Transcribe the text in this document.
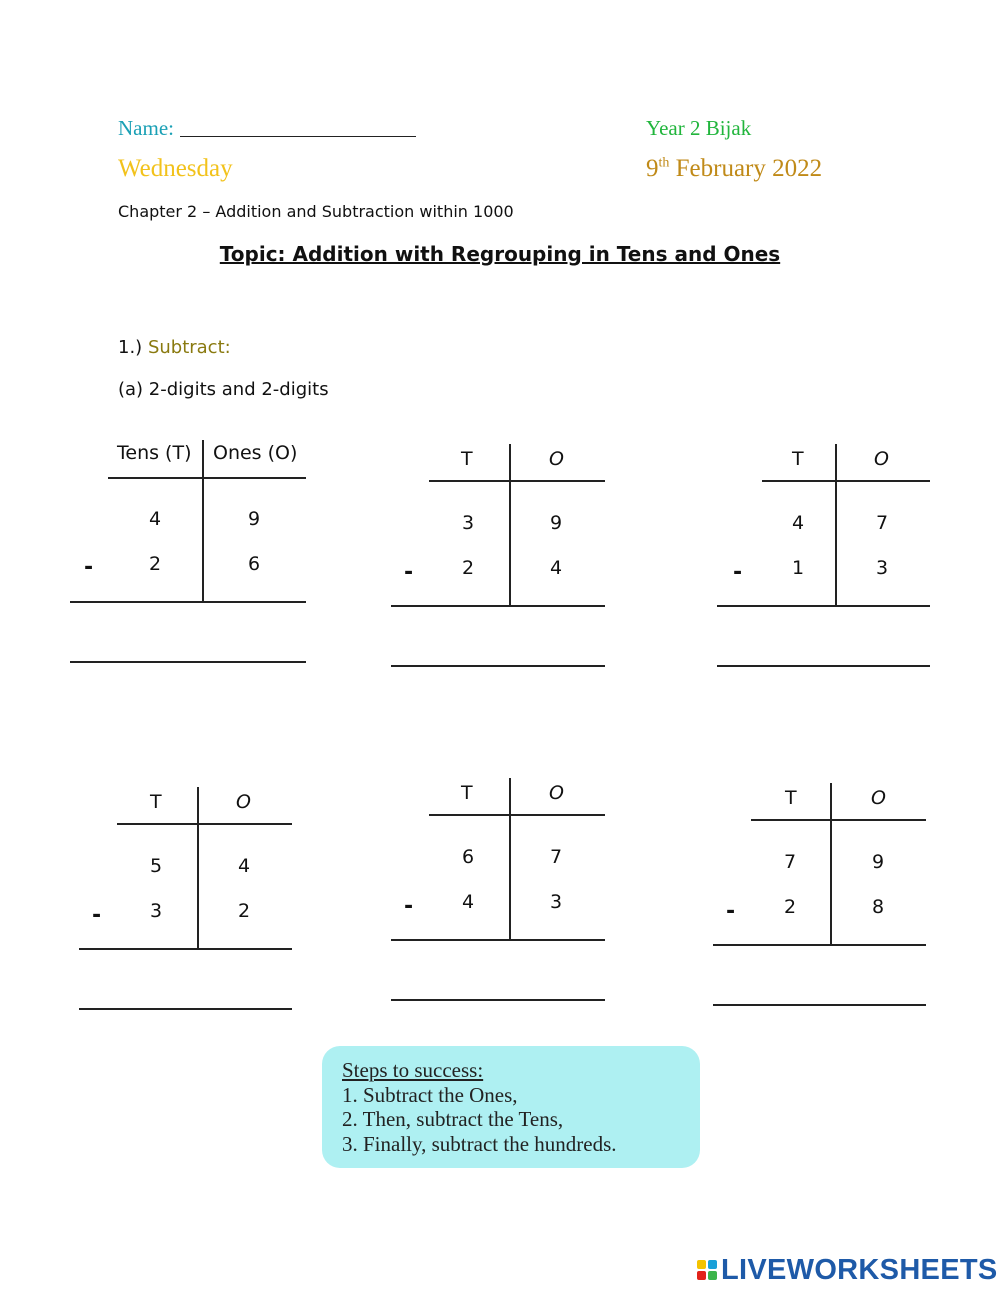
Name:	Year 2 Bijak
Wednesday	9th February 2022
Chapter 2 – Addition and Subtraction within 1000
Topic: Addition with Regrouping in Tens and Ones
1.) Subtract:
(a) 2-digits and 2-digits
Tens (T) Ones (O)
4	9
-	2	6
T	O
3	9
-	2	4
T	O
4	7
-	1	3
T	O
5	4
-	3	2
T	O
6	7
-	4	3
T	O
7	9
-	2	8
Steps to success:
1. Subtract the Ones,
2. Then, subtract the Tens,
3. Finally, subtract the hundreds.
LIVEWORKSHEETS
